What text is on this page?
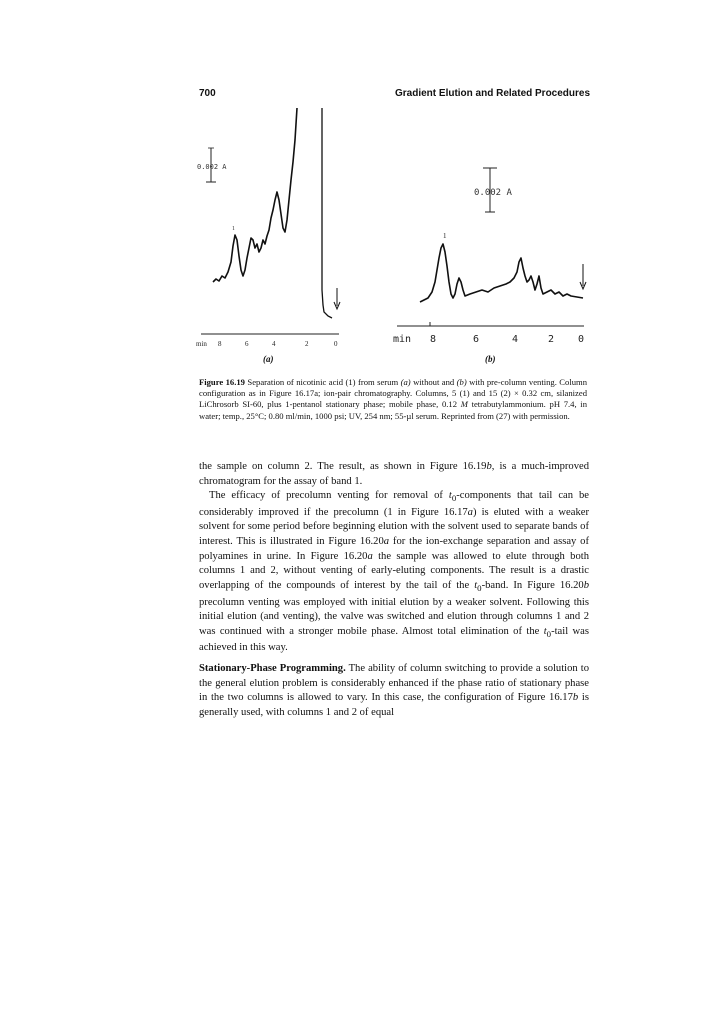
700	Gradient Elution and Related Procedures
0.002 A
1
min 8	6	4	2	0
(a)
0.002 A
1
min 8	6	4	2 0
(b)
Figure 16.19 Separation of nicotinic acid (1) from serum (a) without and (b) with pre-column venting. Column configuration as in Figure 16.17a; ion-pair chromatography. Columns, 5 (1) and 15 (2) × 0.32 cm, silanized LiChrosorb SI-60, plus 1-pentanol stationary phase; mobile phase, 0.12 M tetrabutylammonium. pH 7.4, in water; temp., 25°C; 0.80 ml/min, 1000 psi; UV, 254 nm; 55-µl serum. Reprinted from (27) with permission.

the sample on column 2. The result, as shown in Figure 16.19b, is a much-improved chromatogram for the assay of band 1.

The efficacy of precolumn venting for removal of $t_0$-components that tail can be considerably improved if the precolumn (1 in Figure 16.17a) is eluted with a weaker solvent for some period before beginning elution with the solvent used to separate bands of interest. This is illustrated in Figure 16.20a for the ion-exchange separation and assay of polyamines in urine. In Figure 16.20a the sample was allowed to elute through both columns 1 and 2, without venting of early-eluting components. The result is a drastic overlapping of the compounds of interest by the tail of the $t_0$-band. In Figure 16.20b precolumn venting was employed with initial elution by a weaker solvent. Following this initial elution (and venting), the valve was switched and elution through columns 1 and 2 was continued with a stronger mobile phase. Almost total elimination of the $t_0$-tail was achieved in this way.

Stationary-Phase Programming. The ability of column switching to provide a solution to the general elution problem is considerably enhanced if the phase ratio of stationary phase in the two columns is allowed to vary. In this case, the configuration of Figure 16.17b is generally used, with columns 1 and 2 of equal
